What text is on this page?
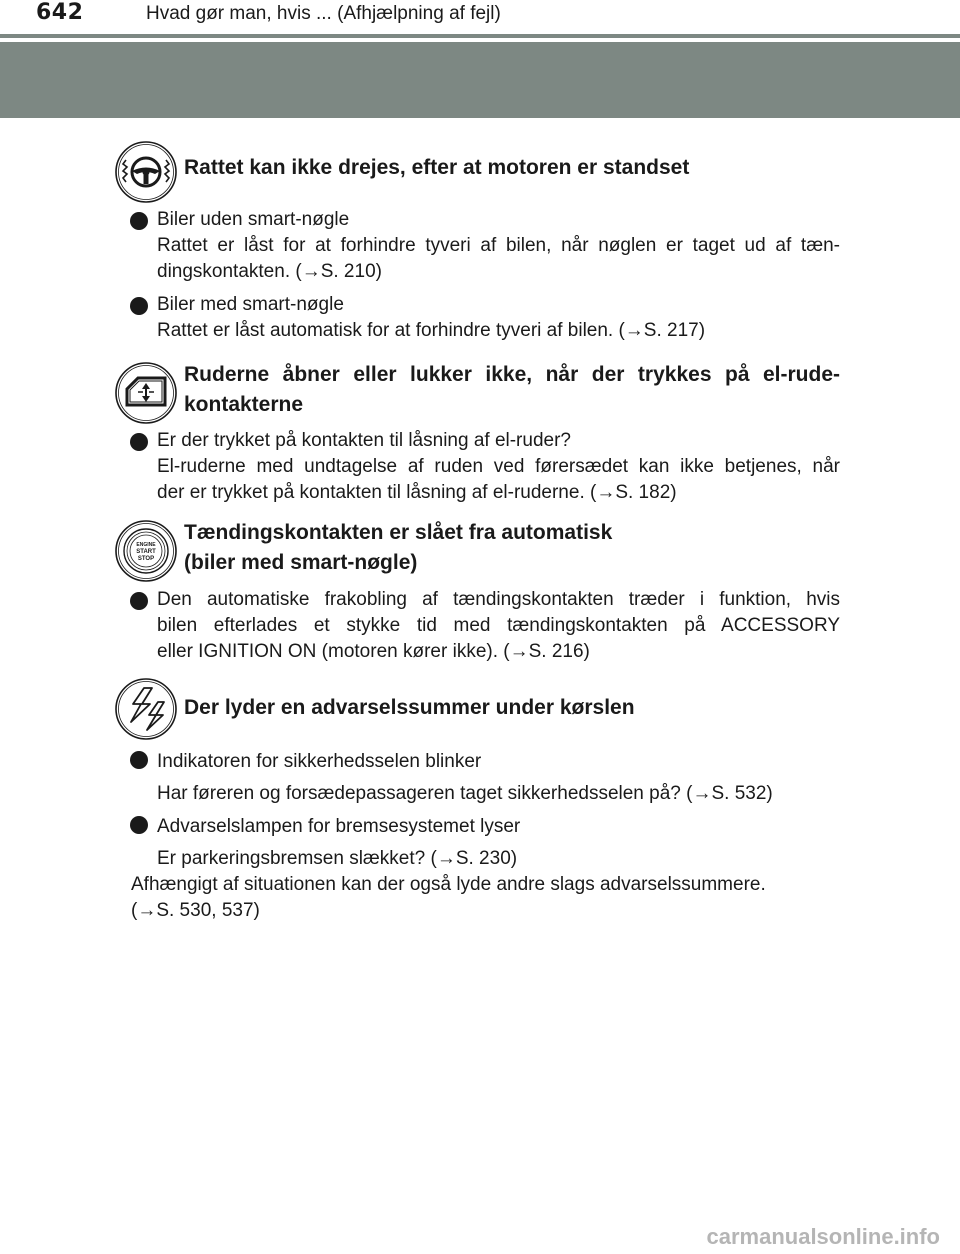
642	Hvad gør man, hvis ... (Afhjælpning af fejl)
Rattet kan ikke drejes, efter at motoren er standset

Biler uden smart-nøgle

Rattet er låst for at forhindre tyveri af bilen, når nøglen er taget ud af tæn-

dingskontakten. (→S. 210)

Biler med smart-nøgle

Rattet er låst automatisk for at forhindre tyveri af bilen. (→S. 217)

Ruderne åbner eller lukker ikke, når der trykkes på el-rude-
kontakterne

Er der trykket på kontakten til låsning af el-ruder?

El-ruderne med undtagelse af ruden ved førersædet kan ikke betjenes, når

der er trykket på kontakten til låsning af el-ruderne. (→S. 182)

ENGINE
START
STOP
Tændingskontakten er slået fra automatisk
(biler med smart-nøgle)

Den automatiske frakobling af tændingskontakten træder i funktion, hvis

bilen efterlades et stykke tid med tændingskontakten på ACCESSORY

eller IGNITION ON (motoren kører ikke). (→S. 216)

Der lyder en advarselssummer under kørslen

Indikatoren for sikkerhedsselen blinker

Har føreren og forsædepassageren taget sikkerhedsselen på? (→S. 532)

Advarselslampen for bremsesystemet lyser

Er parkeringsbremsen slækket? (→S. 230)

Afhængigt af situationen kan der også lyde andre slags advarselssummere.
(→S. 530, 537)
carmanualsonline.info
